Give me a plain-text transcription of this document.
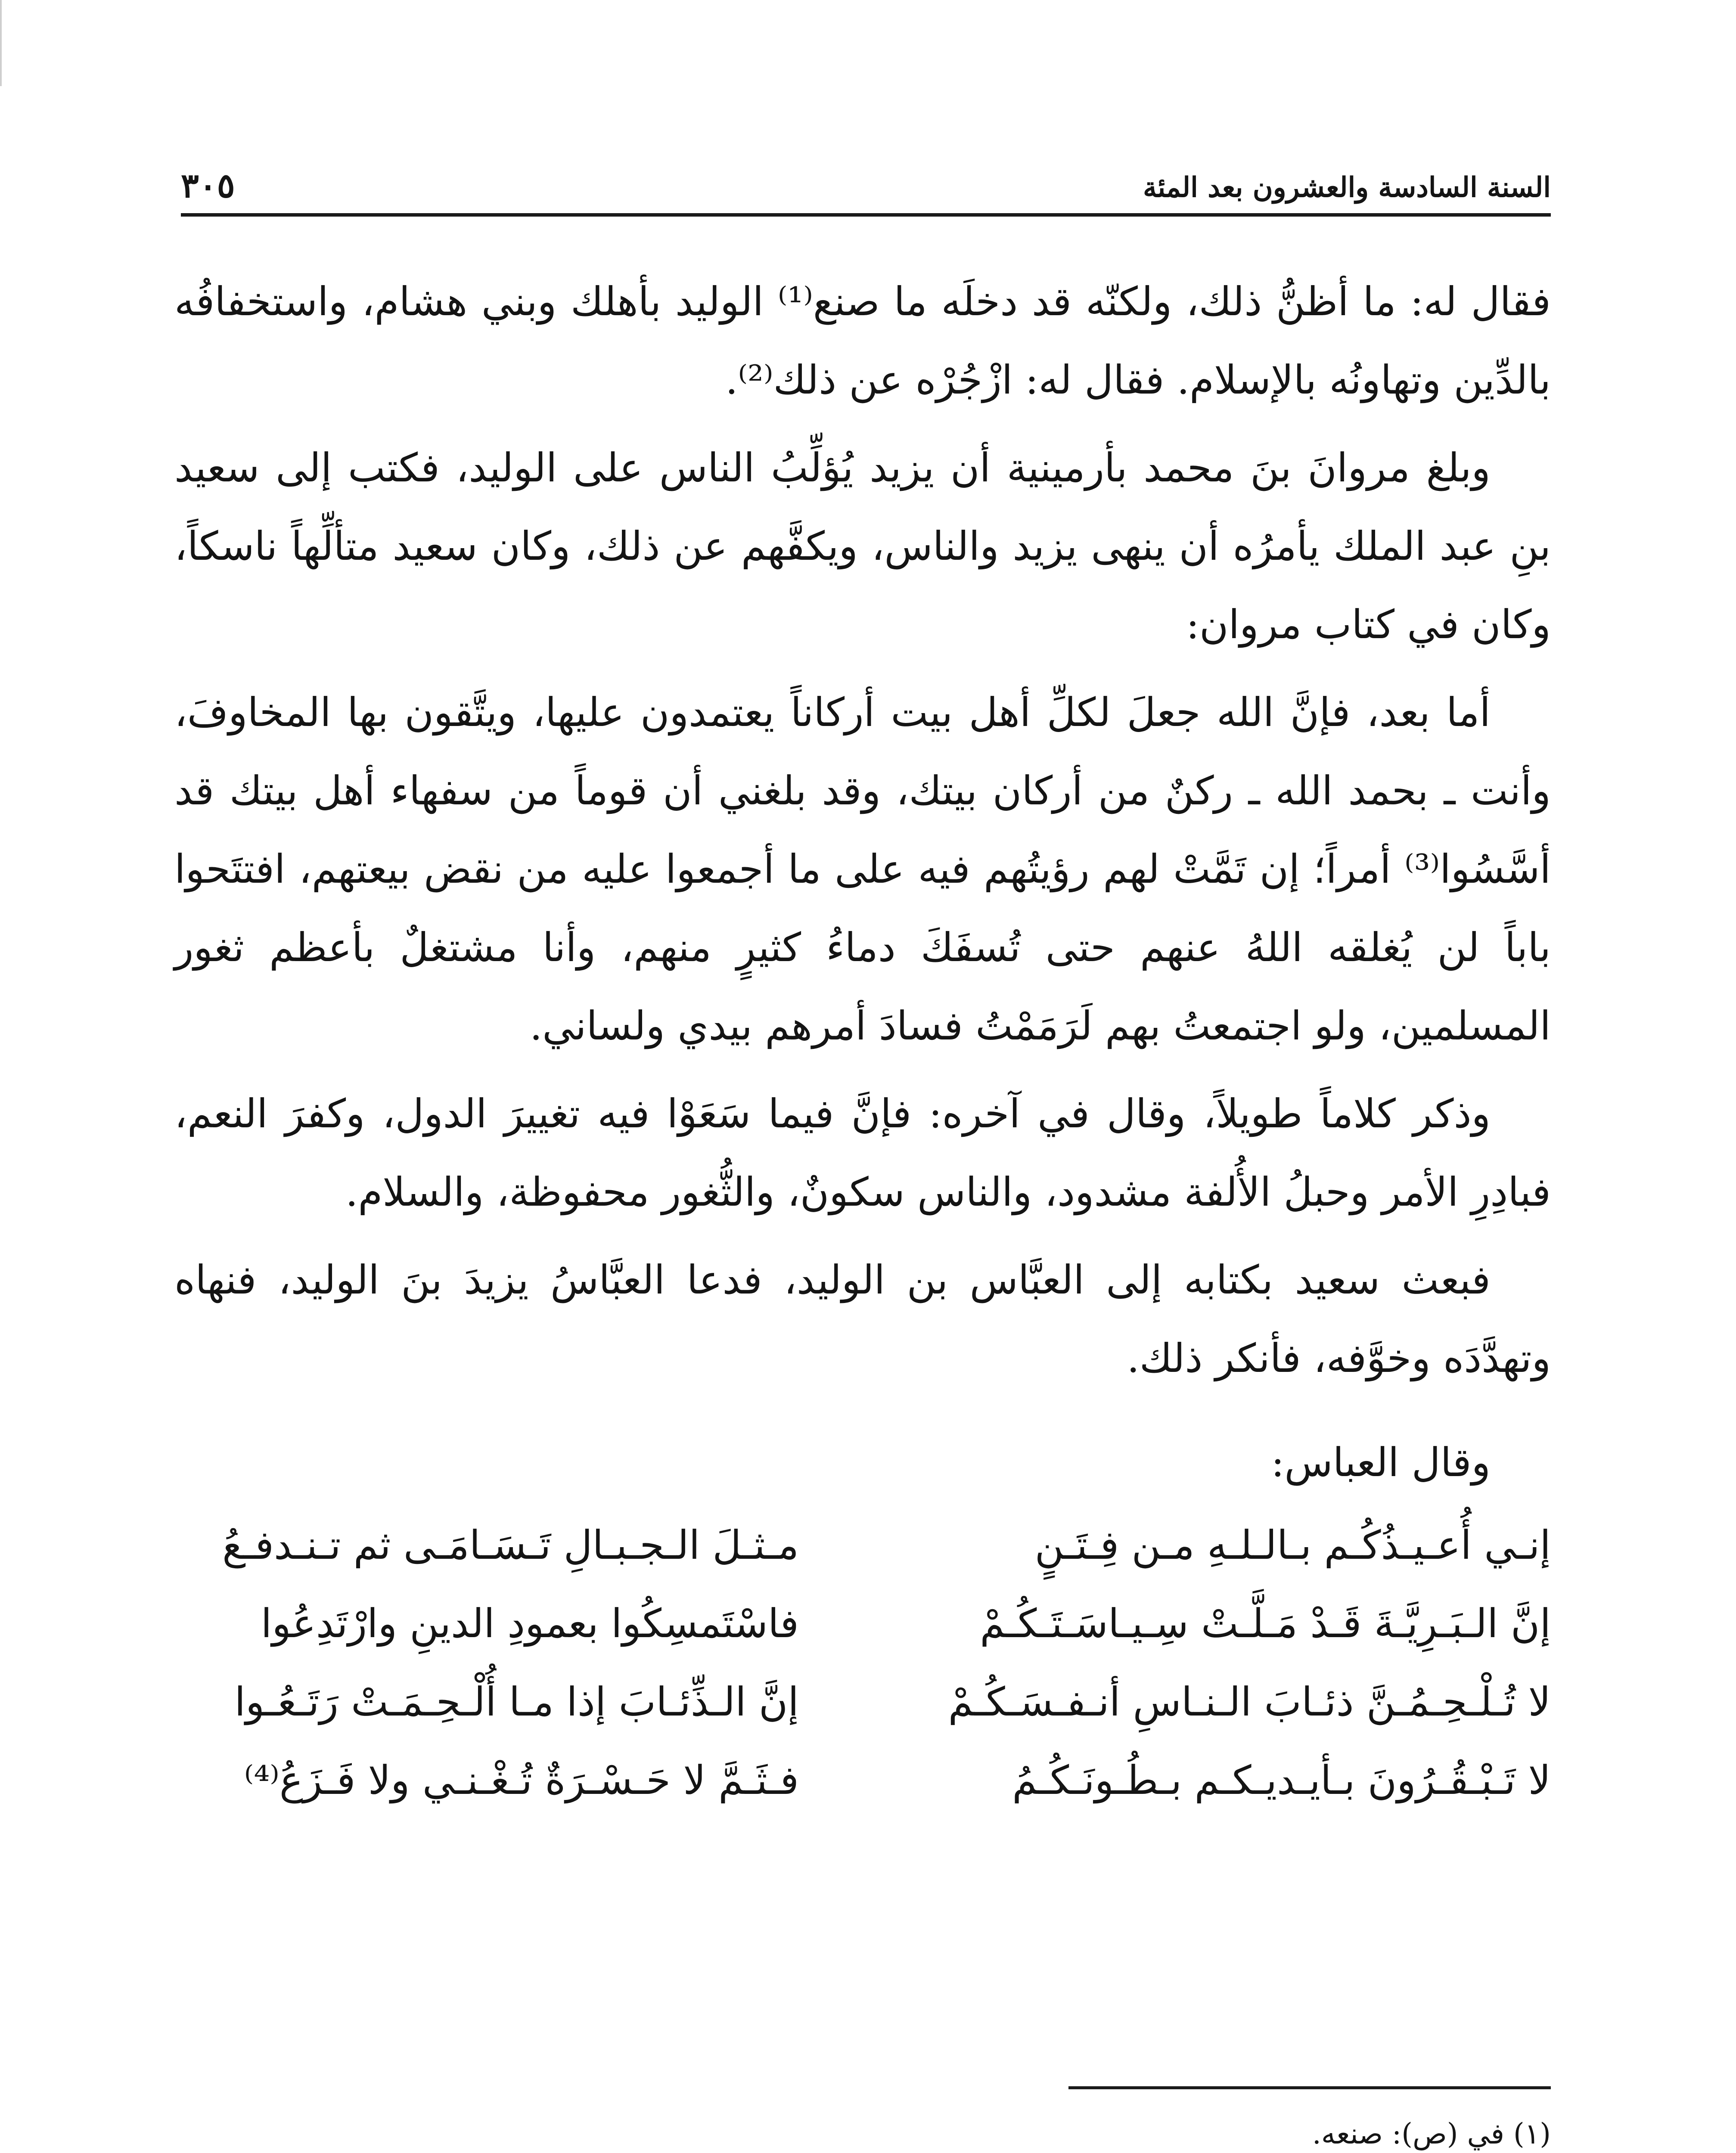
السنة السادسة والعشرون بعد المئة
٣٠٥

فقال له: ما أظنُّ ذلك، ولكنّه قد دخلَه ما صنع⁽¹⁾ الوليد بأهلك وبني هشام، واستخفافُه بالدِّين وتهاونُه بالإسلام. فقال له: ازْجُرْه عن ذلك⁽²⁾.

وبلغ مروانَ بنَ محمد بأرمينية أن يزيد يُؤلِّبُ الناس على الوليد، فكتب إلى سعيد بنِ عبد الملك يأمرُه أن ينهى يزيد والناس، ويكفَّهم عن ذلك، وكان سعيد متألِّهاً ناسكاً، وكان في كتاب مروان:

أما بعد، فإنَّ الله جعلَ لكلِّ أهل بيت أركاناً يعتمدون عليها، ويتَّقون بها المخاوفَ، وأنت ـ بحمد الله ـ ركنٌ من أركان بيتك، وقد بلغني أن قوماً من سفهاء أهل بيتك قد أسَّسُوا⁽³⁾ أمراً؛ إن تَمَّتْ لهم رؤيتُهم فيه على ما أجمعوا عليه من نقض بيعتهم، افتتَحوا باباً لن يُغلقه اللهُ عنهم حتى تُسفَكَ دماءُ كثيرٍ منهم، وأنا مشتغلٌ بأعظم ثغور المسلمين، ولو اجتمعتُ بهم لَرَمَمْتُ فسادَ أمرهم بيدي ولساني.

وذكر كلاماً طويلاً، وقال في آخره: فإنَّ فيما سَعَوْا فيه تغييرَ الدول، وكفرَ النعم، فبادِرِ الأمر وحبلُ الأُلفة مشدود، والناس سكونٌ، والثُّغور محفوظة، والسلام.

فبعث سعيد بكتابه إلى العبَّاس بن الوليد، فدعا العبَّاسُ يزيدَ بنَ الوليد، فنهاه وتهدَّدَه وخوَّفه، فأنكر ذلك.

وقال العباس:

إنـي أُعـيـذُكُـم بـالـلـهِ مـن فِـتَـنٍ
مـثـلَ الـجـبـالِ تَـسَـامَـى ثم تـنـدفـعُ
إنَّ الـبَـرِيَّـةَ قَـدْ مَـلَّـتْ سِـيـاسَـتَـكُـمْ
فاسْتَمسِكُوا بعمودِ الدينِ وارْتَدِعُوا
لا تُـلْـحِـمُـنَّ ذئـابَ الـنـاسِ أنـفـسَـكُـمْ
إنَّ الـذِّئـابَ إذا مـا أُلْـحِـمَـتْ رَتَـعُـوا
لا تَـبْـقُـرُونَ بـأيـديـكـم بـطُـونَـكُـمُ
فـثَـمَّ لا حَـسْـرَةٌ تُـغْـنـي ولا فَـزَعُ⁽⁴⁾

(١) في (ص): صنعه.
